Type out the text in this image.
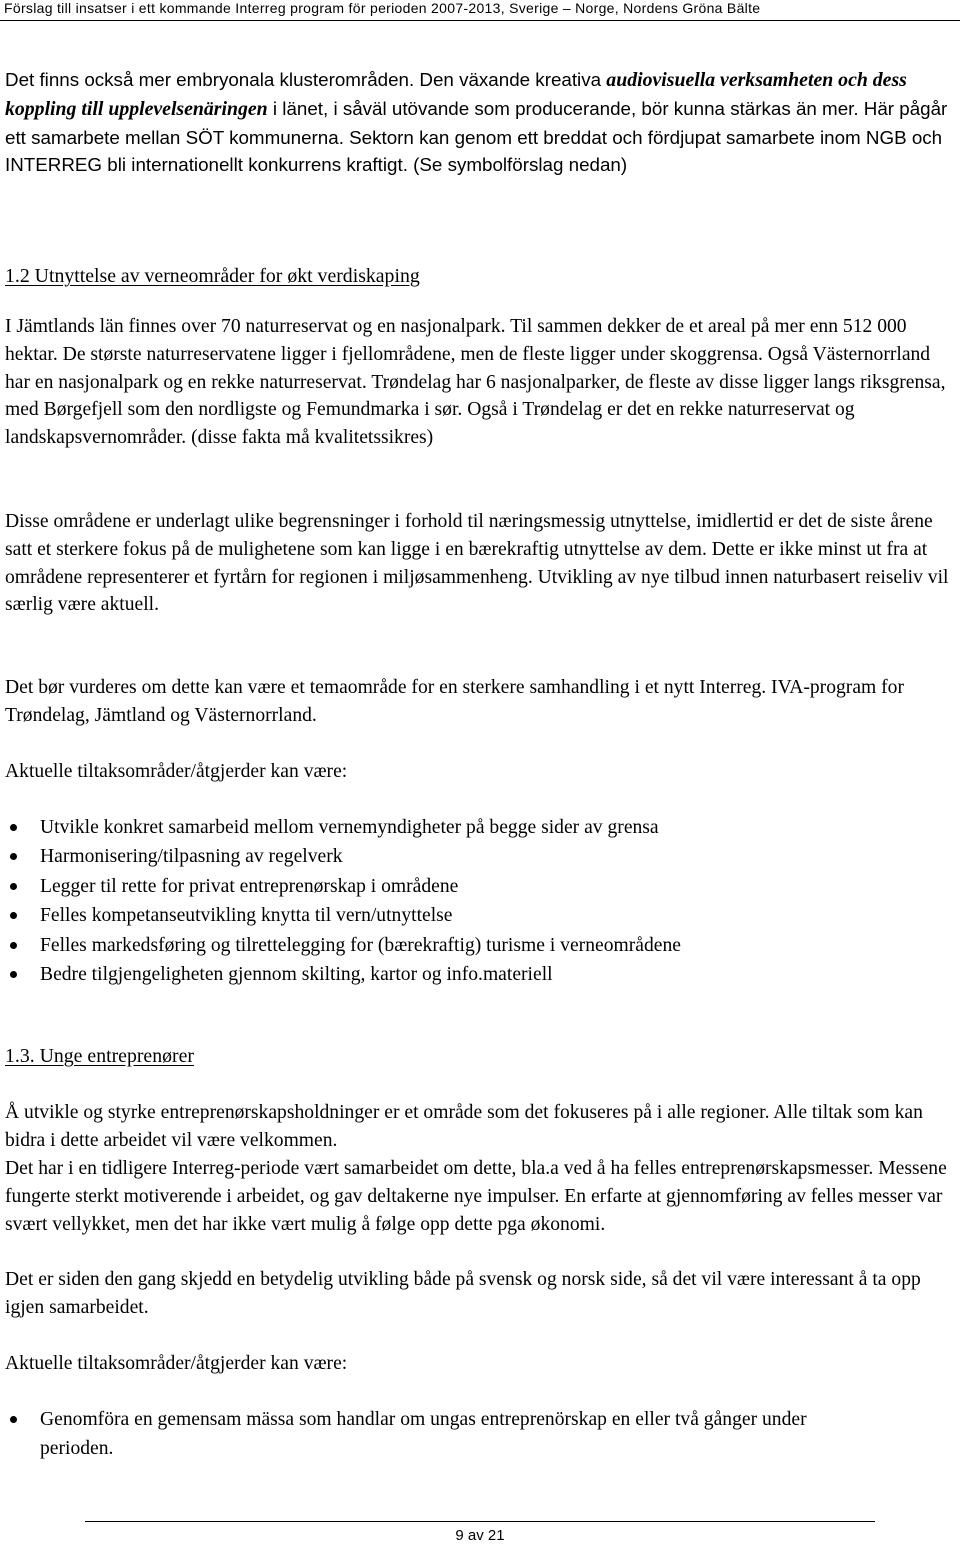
Förslag till insatser i ett kommande Interreg program för perioden 2007-2013, Sverige – Norge, Nordens Gröna Bälte

Det finns också mer embryonala klusterområden. Den växande kreativa audiovisuella verksamheten och dess koppling till upplevelsenäringen i länet, i såväl utövande som producerande, bör kunna stärkas än mer. Här pågår ett samarbete mellan SÖT kommunerna. Sektorn kan genom ett breddat och fördjupat samarbete inom NGB och INTERREG bli internationellt konkurrens kraftigt. (Se symbolförslag nedan)

1.2 Utnyttelse av verneområder for økt verdiskaping

I Jämtlands län finnes over 70 naturreservat og en nasjonalpark. Til sammen dekker de et areal på mer enn 512 000 hektar. De største naturreservatene ligger i fjellområdene, men de fleste ligger under skoggrensa. Også Västernorrland har en nasjonalpark og en rekke naturreservat. Trøndelag har 6 nasjonalparker, de fleste av disse ligger langs riksgrensa, med Børgefjell som den nordligste og Femundmarka i sør. Også i Trøndelag er det en rekke naturreservat og landskapsvernområder. (disse fakta må kvalitetssikres)

Disse områdene er underlagt ulike begrensninger i forhold til næringsmessig utnyttelse, imidlertid er det de siste årene satt et sterkere fokus på de mulighetene som kan ligge i en bærekraftig utnyttelse av dem. Dette er ikke minst ut fra at områdene representerer et fyrtårn for regionen i miljøsammenheng. Utvikling av nye tilbud innen naturbasert reiseliv vil særlig være aktuell.

Det bør vurderes om dette kan være et temaområde for en sterkere samhandling i et nytt Interreg. IVA-program for Trøndelag, Jämtland og Västernorrland.

Aktuelle tiltaksområder/åtgjerder kan være:

Utvikle konkret samarbeid mellom vernemyndigheter på begge sider av grensa
Harmonisering/tilpasning av regelverk
Legger til rette for privat entreprenørskap i områdene
Felles kompetanseutvikling knytta til vern/utnyttelse
Felles markedsføring og tilrettelegging for (bærekraftig) turisme i verneområdene
Bedre tilgjengeligheten gjennom skilting, kartor og info.materiell
1.3. Unge entreprenører

Å utvikle og styrke entreprenørskapsholdninger er et område som det fokuseres på i alle regioner. Alle tiltak som kan bidra i dette arbeidet vil være velkommen.

Det har i en tidligere Interreg-periode vært samarbeidet om dette, bla.a ved å ha felles entreprenørskapsmesser. Messene fungerte sterkt motiverende i arbeidet, og gav deltakerne nye impulser. En erfarte at gjennomføring av felles messer var svært vellykket, men det har ikke vært mulig å følge opp dette pga økonomi.

Det er siden den gang skjedd en betydelig utvikling både på svensk og norsk side, så det vil være interessant å ta opp igjen samarbeidet.

Aktuelle tiltaksområder/åtgjerder kan være:

Genomföra en gemensam mässa som handlar om ungas entreprenörskap en eller två gånger under perioden.
9 av 21
